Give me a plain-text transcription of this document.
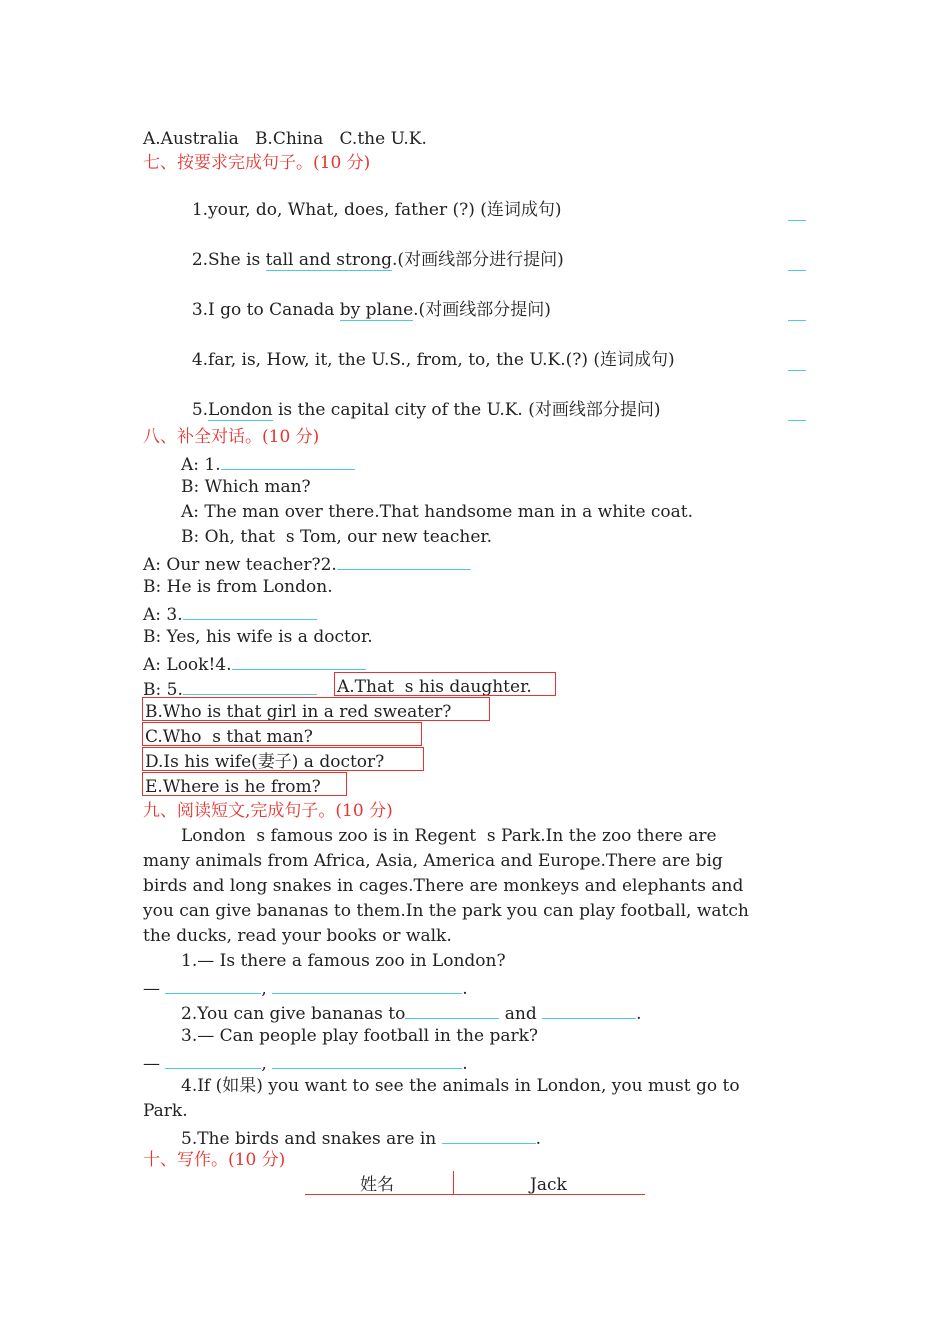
A.Australia   B.China   C.the U.K.
七、按要求完成句子。(10 分)

1.your, do, What, does, father (?) (连词成句)

2.She is tall and strong.(对画线部分进行提问)

3.I go to Canada by plane.(对画线部分提问)

4.far, is, How, it, the U.S., from, to, the U.K.(?) (连词成句)

5.London is the capital city of the U.K. (对画线部分提问)

八、补全对话。(10 分)
A: 1.
B: Which man?
A: The man over there.That handsome man in a white coat.
B: Oh, that  s Tom, our new teacher.
A: Our new teacher?2.
B: He is from London.
A: 3.
B: Yes, his wife is a doctor.
A: Look!4.
B: 5.	A.That  s his daughter.
B.Who is that girl in a red sweater?
C.Who  s that man?
D.Is his wife(妻子) a doctor?
E.Where is he from?
九、阅读短文,完成句子。(10 分)
London  s famous zoo is in Regent  s Park.In the zoo there are
many animals from Africa, Asia, America and Europe.There are big
birds and long snakes in cages.There are monkeys and elephants and
you can give bananas to them.In the park you can play football, watch
the ducks, read your books or walk.
1.— Is there a famous zoo in London?
—	,	.
2.You can give bananas to	and	.
3.— Can people play football in the park?
—	,	.
4.If (如果) you want to see the animals in London, you must go to
Park.
5.The birds and snakes are in	.
十、写作。(10 分)
姓名	Jack
